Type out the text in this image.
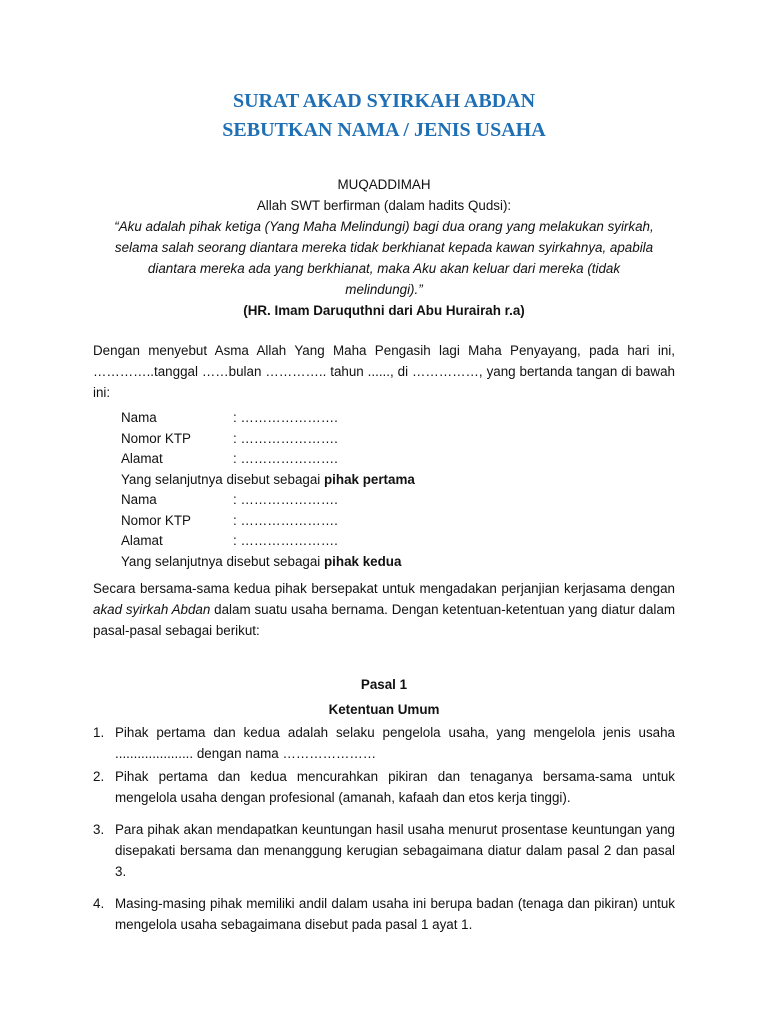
SURAT AKAD SYIRKAH ABDAN
SEBUTKAN NAMA / JENIS USAHA
MUQADDIMAH
Allah SWT berfirman (dalam hadits Qudsi):
“Aku adalah pihak ketiga (Yang Maha Melindungi) bagi dua orang yang melakukan syirkah,
selama salah seorang diantara mereka tidak berkhianat kepada kawan syirkahnya, apabila
diantara mereka ada yang berkhianat, maka Aku akan keluar dari mereka (tidak
melindungi).”
(HR. Imam Daruquthni dari Abu Hurairah r.a)
Dengan menyebut Asma Allah Yang Maha Pengasih lagi Maha Penyayang, pada hari ini, …………..tanggal ……bulan ………….. tahun ......, di ……………, yang bertanda tangan di bawah ini:
Nama	: ………………….
Nomor KTP	: ………………….
Alamat	: ………………….
Yang selanjutnya disebut sebagai pihak pertama
Nama	: ………………….
Nomor KTP	: ………………….
Alamat	: ………………….
Yang selanjutnya disebut sebagai pihak kedua
Secara bersama-sama kedua pihak bersepakat untuk mengadakan perjanjian kerjasama dengan akad syirkah Abdan dalam suatu usaha bernama. Dengan ketentuan-ketentuan yang diatur dalam pasal-pasal sebagai berikut:
Pasal 1
Ketentuan Umum
1. Pihak pertama dan kedua adalah selaku pengelola usaha, yang mengelola jenis usaha ..................... dengan nama …………………
2. Pihak pertama dan kedua mencurahkan pikiran dan tenaganya bersama-sama untuk mengelola usaha dengan profesional (amanah, kafaah dan etos kerja tinggi).
3. Para pihak akan mendapatkan keuntungan hasil usaha menurut prosentase keuntungan yang disepakati bersama dan menanggung kerugian sebagaimana diatur dalam pasal 2 dan pasal 3.
4. Masing-masing pihak memiliki andil dalam usaha ini berupa badan (tenaga dan pikiran) untuk mengelola usaha sebagaimana disebut pada pasal 1 ayat 1.
